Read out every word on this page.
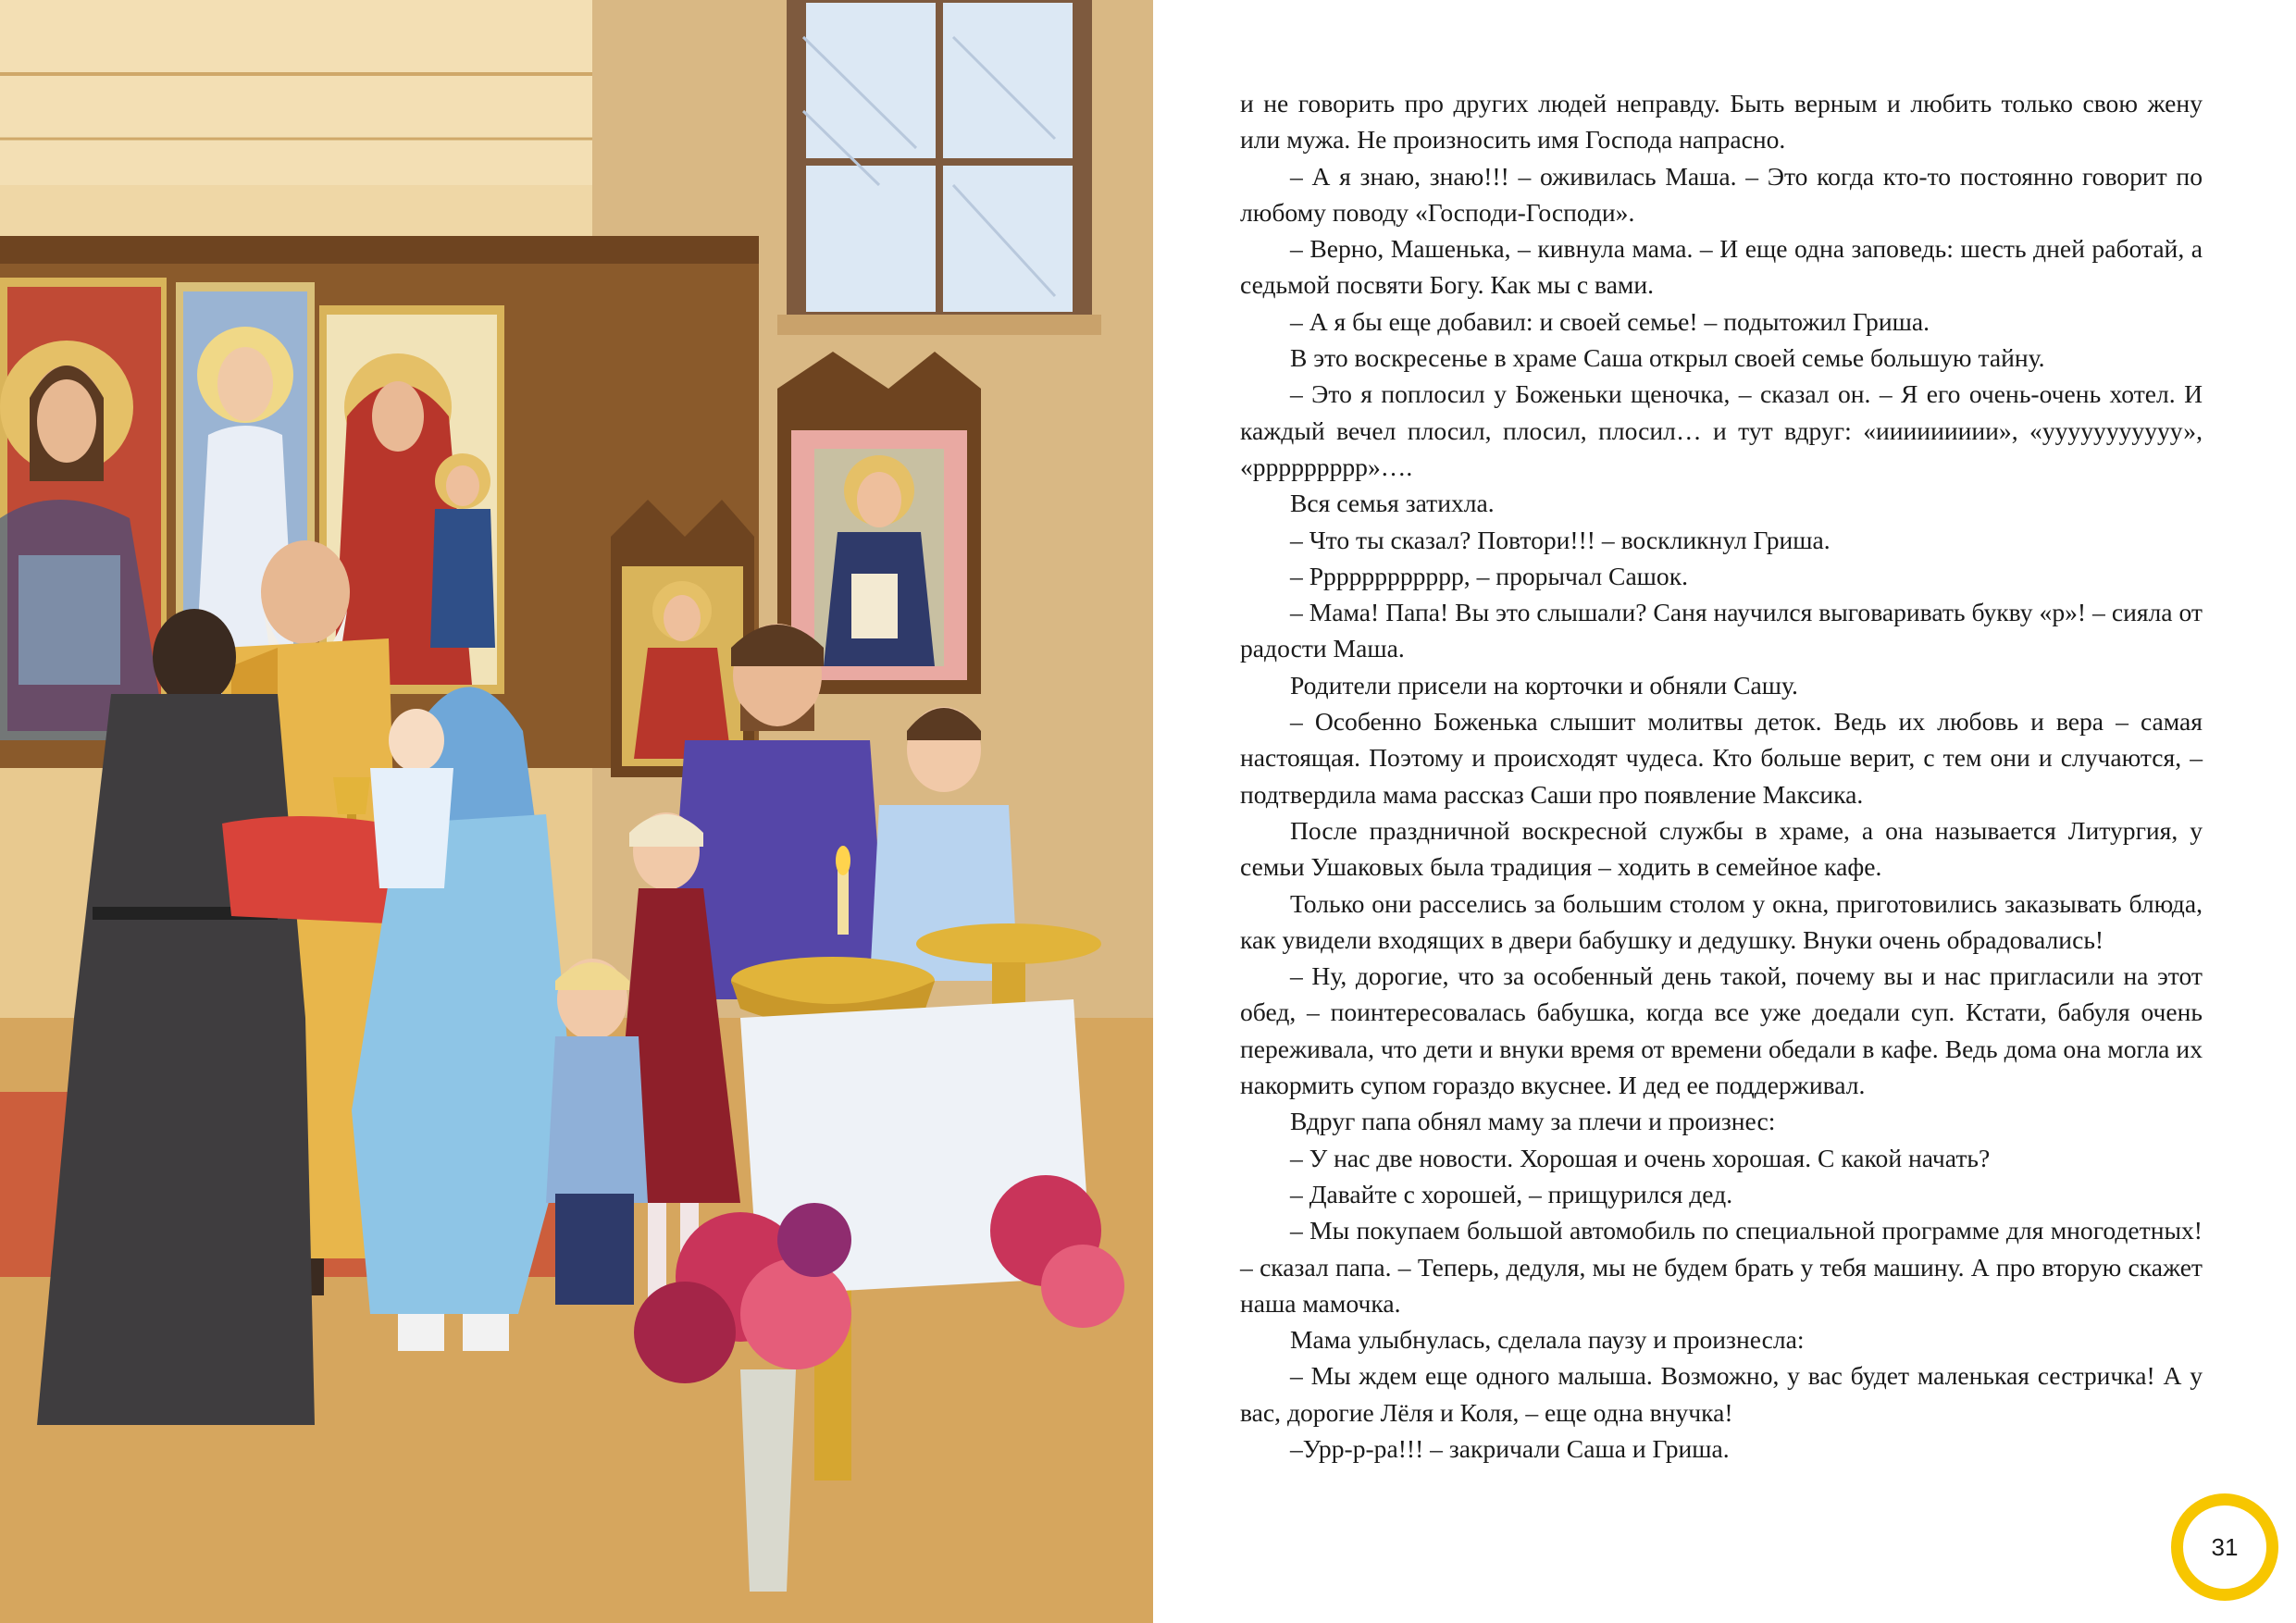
и не говорить про других людей неправду. Быть верным и любить только свою жену или мужа. Не произносить имя Господа напрасно.

– А я знаю, знаю!!! – оживилась Маша. – Это когда кто-то постоянно говорит по любому поводу «Господи-Господи».

– Верно, Машенька, – кивнула мама. – И еще одна заповедь: шесть дней работай, а седьмой посвяти Богу. Как мы с вами.

– А я бы еще добавил: и своей семье! – подытожил Гриша.

В это воскресенье в храме Саша открыл своей семье большую тайну.

– Это я поплосил у Боженьки щеночка, – сказал он. – Я его очень-очень хотел. И каждый вечел плосил, плосил, плосил… и тут вдруг: «иииииииии», «ууууууууууу», «ррррррррр»….

Вся семья затихла.

– Что ты сказал? Повтори!!! – воскликнул Гриша.

– Рррррррррррр, – прорычал Сашок.

– Мама! Папа! Вы это слышали? Саня научился выговаривать букву «р»! – сияла от радости Маша.

Родители присели на корточки и обняли Сашу.

– Особенно Боженька слышит молитвы деток. Ведь их любовь и вера – самая настоящая. Поэтому и происходят чудеса. Кто больше верит, с тем они и случаются, – подтвердила мама рассказ Саши про появление Максика.

После праздничной воскресной службы в храме, а она называется Литургия, у семьи Ушаковых была традиция – ходить в семейное кафе.

Только они расселись за большим столом у окна, приготовились заказывать блюда, как увидели входящих в двери бабушку и дедушку. Внуки очень обрадовались!

– Ну, дорогие, что за особенный день такой, почему вы и нас пригласили на этот обед, – поинтересовалась бабушка, когда все уже доедали суп. Кстати, бабуля очень переживала, что дети и внуки время от времени обедали в кафе. Ведь дома она могла их накормить супом гораздо вкуснее. И дед ее поддерживал.

Вдруг папа обнял маму за плечи и произнес:

– У нас две новости. Хорошая и очень хорошая. С какой начать?

– Давайте с хорошей, – прищурился дед.

– Мы покупаем большой автомобиль по специальной программе для многодетных! – сказал папа. – Теперь, дедуля, мы не будем брать у тебя машину. А про вторую скажет наша мамочка.

Мама улыбнулась, сделала паузу и произнесла:

– Мы ждем еще одного малыша. Возможно, у вас будет маленькая сестричка! А у вас, дорогие Лёля и Коля, – еще одна внучка!

–Урр-р-ра!!! – закричали Саша и Гриша.

31
